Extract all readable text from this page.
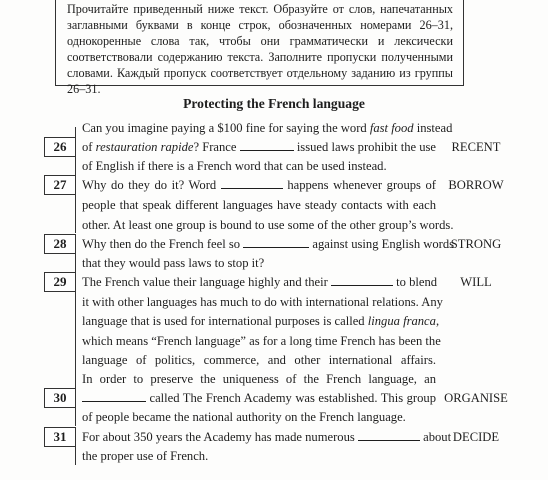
Прочитайте приведенный ниже текст. Образуйте от слов, напечатанных заглавными буквами в конце строк, обозначенных номерами 26–31, однокоренные слова так, чтобы они грамматически и лексически соответствовали содержанию текста. Заполните пропуски полученными словами. Каждый пропуск соответствует отдельному заданию из группы 26–31.
Protecting the French language
Can you imagine paying a $100 fine for saying the word fast food instead
of restauration rapide? France	issued laws prohibit the use
of English if there is a French word that can be used instead.
Why do they do it? Word	happens whenever groups of
people that speak different languages have steady contacts with each
other. At least one group is bound to use some of the other group’s words.
Why then do the French feel so	against using English words
that they would pass laws to stop it?
The French value their language highly and their	to blend
it with other languages has much to do with international relations. Any
language that is used for international purposes is called lingua franca,
which means “French language” as for a long time French has been the
language of politics, commerce, and other international affairs.
In order to preserve the uniqueness of the French language, an
called The French Academy was established. This group
of people became the national authority on the French language.
For about 350 years the Academy has made numerous	about
the proper use of French.
26	RECENT
27	BORROW
28	STRONG
29	WILL
30	ORGANISE
31	DECIDE
